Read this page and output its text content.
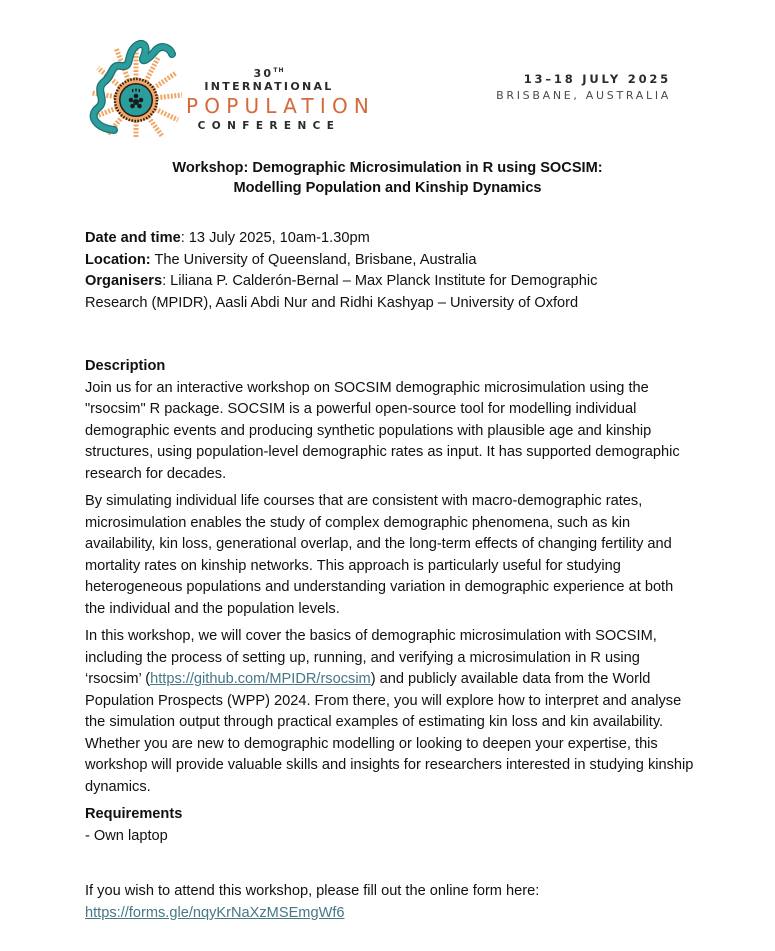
30TH INTERNATIONAL
POPULATION
CONFERENCE
13–18 JULY 2025
BRISBANE, AUSTRALIA
Workshop: Demographic Microsimulation in R using SOCSIM:
Modelling Population and Kinship Dynamics
Date and time: 13 July 2025, 10am-1.30pm
Location: The University of Queensland, Brisbane, Australia
Organisers: Liliana P. Calderón-Bernal – Max Planck Institute for Demographic
Research (MPIDR), Aasli Abdi Nur and Ridhi Kashyap – University of Oxford
Description

Join us for an interactive workshop on SOCSIM demographic microsimulation using the "rsocsim" R package. SOCSIM is a powerful open-source tool for modelling individual demographic events and producing synthetic populations with plausible age and kinship structures, using population-level demographic rates as input. It has supported demographic research for decades.

By simulating individual life courses that are consistent with macro-demographic rates, microsimulation enables the study of complex demographic phenomena, such as kin availability, kin loss, generational overlap, and the long-term effects of changing fertility and mortality rates on kinship networks. This approach is particularly useful for studying heterogeneous populations and understanding variation in demographic experience at both the individual and the population levels.

In this workshop, we will cover the basics of demographic microsimulation with SOCSIM, including the process of setting up, running, and verifying a microsimulation in R using ‘rsocsim’ (https://github.com/MPIDR/rsocsim) and publicly available data from the World Population Prospects (WPP) 2024. From there, you will explore how to interpret and analyse the simulation output through practical examples of estimating kin loss and kin availability. Whether you are new to demographic modelling or looking to deepen your expertise, this workshop will provide valuable skills and insights for researchers interested in studying kinship dynamics.

Requirements
- Own laptop
If you wish to attend this workshop, please fill out the online form here:
https://forms.gle/nqyKrNaXzMSEmgWf6
